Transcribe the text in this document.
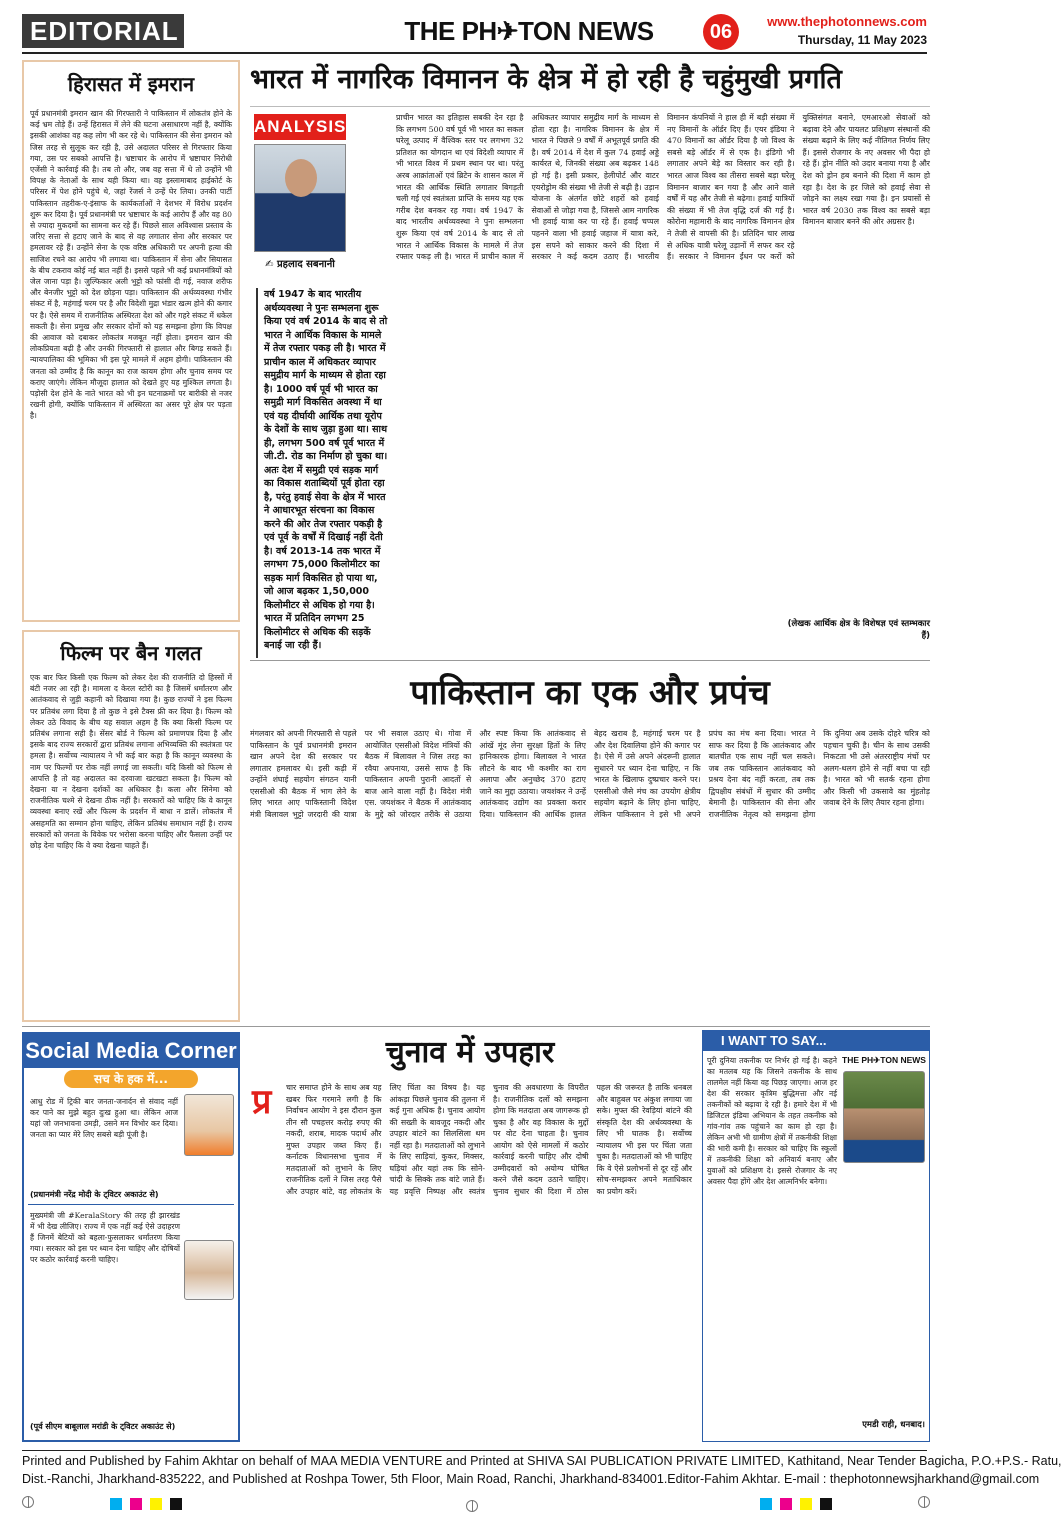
EDITORIAL	THE PH✈TON NEWS	06	www.thephotonnews.com
Thursday, 11 May 2023
हिरासत में इमरान
पूर्व प्रधानमंत्री इमरान खान की गिरफ्तारी ने पाकिस्तान में लोकतंत्र होने के कई भ्रम तोड़े हैं। उन्हें हिरासत में लेने की घटना असाधारण नहीं है, क्योंकि इसकी आशंका वह कह लोग भी कर रहे थे। पाकिस्तान की सेना इमरान को जिस तरह से सुलूक कर रही है, उसे अदालत परिसर से गिरफ्तार किया गया, उस पर सबको आपत्ति है। भ्रष्टाचार के आरोप में भ्रष्टाचार निरोधी एजेंसी ने कार्रवाई की है। तब तो और, जब वह सत्ता में थे तो उन्होंने भी विपक्ष के नेताओं के साथ यही किया था। वह इस्लामाबाद हाईकोर्ट के परिसर में पेश होने पहुंचे थे, जहां रेंजर्स ने उन्हें घेर लिया। उनकी पार्टी पाकिस्तान तहरीक-ए-इंसाफ के कार्यकर्ताओं ने देशभर में विरोध प्रदर्शन शुरू कर दिया है। पूर्व प्रधानमंत्री पर भ्रष्टाचार के कई आरोप हैं और वह 80 से ज्यादा मुकदमों का सामना कर रहे हैं। पिछले साल अविश्वास प्रस्ताव के जरिए सत्ता से हटाए जाने के बाद से वह लगातार सेना और सरकार पर हमलावर रहे हैं। उन्होंने सेना के एक वरिष्ठ अधिकारी पर अपनी हत्या की साजिश रचने का आरोप भी लगाया था। पाकिस्तान में सेना और सियासत के बीच टकराव कोई नई बात नहीं है। इससे पहले भी कई प्रधानमंत्रियों को जेल जाना पड़ा है। जुल्फिकार अली भुट्टो को फांसी दी गई, नवाज शरीफ और बेनजीर भुट्टो को देश छोड़ना पड़ा। पाकिस्तान की अर्थव्यवस्था गंभीर संकट में है, महंगाई चरम पर है और विदेशी मुद्रा भंडार खत्म होने की कगार पर है। ऐसे समय में राजनीतिक अस्थिरता देश को और गहरे संकट में धकेल सकती है। सेना प्रमुख और सरकार दोनों को यह समझना होगा कि विपक्ष की आवाज को दबाकर लोकतंत्र मजबूत नहीं होता। इमरान खान की लोकप्रियता बढ़ी है और उनकी गिरफ्तारी से हालात और बिगड़ सकते हैं। न्यायपालिका की भूमिका भी इस पूरे मामले में अहम होगी। पाकिस्तान की जनता को उम्मीद है कि कानून का राज कायम होगा और चुनाव समय पर कराए जाएंगे। लेकिन मौजूदा हालात को देखते हुए यह मुश्किल लगता है। पड़ोसी देश होने के नाते भारत को भी इन घटनाक्रमों पर बारीकी से नजर रखनी होगी, क्योंकि पाकिस्तान में अस्थिरता का असर पूरे क्षेत्र पर पड़ता है।
फिल्म पर बैन गलत
एक बार फिर किसी एक फिल्म को लेकर देश की राजनीति दो हिस्सों में बंटी नजर आ रही है। मामला द केरल स्टोरी का है जिसमें धर्मांतरण और आतंकवाद से जुड़ी कहानी को दिखाया गया है। कुछ राज्यों ने इस फिल्म पर प्रतिबंध लगा दिया है तो कुछ ने इसे टैक्स फ्री कर दिया है। फिल्म को लेकर उठे विवाद के बीच यह सवाल अहम है कि क्या किसी फिल्म पर प्रतिबंध लगाना सही है। सेंसर बोर्ड ने फिल्म को प्रमाणपत्र दिया है और इसके बाद राज्य सरकारों द्वारा प्रतिबंध लगाना अभिव्यक्ति की स्वतंत्रता पर हमला है। सर्वोच्च न्यायालय ने भी कई बार कहा है कि कानून व्यवस्था के नाम पर फिल्मों पर रोक नहीं लगाई जा सकती। यदि किसी को फिल्म से आपत्ति है तो वह अदालत का दरवाजा खटखटा सकता है। फिल्म को देखना या न देखना दर्शकों का अधिकार है। कला और सिनेमा को राजनीतिक चश्मे से देखना ठीक नहीं है। सरकारों को चाहिए कि वे कानून व्यवस्था बनाए रखें और फिल्म के प्रदर्शन में बाधा न डालें। लोकतंत्र में असहमति का सम्मान होना चाहिए, लेकिन प्रतिबंध समाधान नहीं है। राज्य सरकारों को जनता के विवेक पर भरोसा करना चाहिए और फैसला उन्हीं पर छोड़ देना चाहिए कि वे क्या देखना चाहते हैं।
भारत में नागरिक विमानन के क्षेत्र में हो रही है चहुंमुखी प्रगति
ANALYSIS
✍ प्रहलाद सबनानी
वर्ष 1947 के बाद भारतीय अर्थव्यवस्था ने पुनः सम्भलना शुरू किया एवं वर्ष 2014 के बाद से तो भारत ने आर्थिक विकास के मामले में तेज रफ्तार पकड़ ली है। भारत में प्राचीन काल में अधिकतर व्यापार समुद्रीय मार्ग के माध्यम से होता रहा है। 1000 वर्ष पूर्व भी भारत का समुद्री मार्ग विकसित अवस्था में था एवं यह दीर्घायी आर्थिक तथा यूरोप के देशों के साथ जुड़ा हुआ था। साथ ही, लगभग 500 वर्ष पूर्व भारत में जी.टी. रोड का निर्माण हो चुका था। अतः देश में समुद्री एवं सड़क मार्ग का विकास शताब्दियों पूर्व होता रहा है, परंतु हवाई सेवा के क्षेत्र में भारत ने आधारभूत संरचना का विकास करने की ओर तेज रफ्तार पकड़ी है एवं पूर्व के वर्षों में दिखाई नहीं देती है। वर्ष 2013-14 तक भारत में लगभग 75,000 किलोमीटर का सड़क मार्ग विकसित हो पाया था, जो आज बढ़कर 1,50,000 किलोमीटर से अधिक हो गया है। भारत में प्रतिदिन लगभग 25 किलोमीटर से अधिक की सड़कें बनाई जा रही हैं।
प्राचीन भारत का इतिहास सबकी देन रहा है कि लगभग 500 वर्ष पूर्व भी भारत का सकल घरेलू उत्पाद में वैश्विक स्तर पर लगभग 32 प्रतिशत का योगदान था एवं विदेशी व्यापार में भी भारत विश्व में प्रथम स्थान पर था। परंतु अरब आक्रांताओं एवं ब्रिटेन के शासन काल में भारत की आर्थिक स्थिति लगातार बिगड़ती चली गई एवं स्वतंत्रता प्राप्ति के समय यह एक गरीब देश बनकर रह गया। वर्ष 1947 के बाद भारतीय अर्थव्यवस्था ने पुनः सम्भलना शुरू किया एवं वर्ष 2014 के बाद से तो भारत ने आर्थिक विकास के मामले में तेज रफ्तार पकड़ ली है। भारत में प्राचीन काल में अधिकतर व्यापार समुद्रीय मार्ग के माध्यम से होता रहा है। नागरिक विमानन के क्षेत्र में भारत ने पिछले 9 वर्षों में अभूतपूर्व प्रगति की है। वर्ष 2014 में देश में कुल 74 हवाई अड्डे कार्यरत थे, जिनकी संख्या अब बढ़कर 148 हो गई है। इसी प्रकार, हेलीपोर्ट और वाटर एयरोड्रोम की संख्या भी तेजी से बढ़ी है। उड़ान योजना के अंतर्गत छोटे शहरों को हवाई सेवाओं से जोड़ा गया है, जिससे आम नागरिक भी हवाई यात्रा कर पा रहे हैं। हवाई चप्पल पहनने वाला भी हवाई जहाज में यात्रा करे, इस सपने को साकार करने की दिशा में सरकार ने कई कदम उठाए हैं। भारतीय विमानन कंपनियों ने हाल ही में बड़ी संख्या में नए विमानों के ऑर्डर दिए हैं। एयर इंडिया ने 470 विमानों का ऑर्डर दिया है जो विश्व के सबसे बड़े ऑर्डर में से एक है। इंडिगो भी लगातार अपने बेड़े का विस्तार कर रही है। भारत आज विश्व का तीसरा सबसे बड़ा घरेलू विमानन बाजार बन गया है और आने वाले वर्षों में यह और तेजी से बढ़ेगा। हवाई यात्रियों की संख्या में भी तेज वृद्धि दर्ज की गई है। कोरोना महामारी के बाद नागरिक विमानन क्षेत्र ने तेजी से वापसी की है। प्रतिदिन चार लाख से अधिक यात्री घरेलू उड़ानों में सफर कर रहे हैं। सरकार ने विमानन ईंधन पर करों को युक्तिसंगत बनाने, एमआरओ सेवाओं को बढ़ावा देने और पायलट प्रशिक्षण संस्थानों की संख्या बढ़ाने के लिए कई नीतिगत निर्णय लिए हैं। इससे रोजगार के नए अवसर भी पैदा हो रहे हैं। ड्रोन नीति को उदार बनाया गया है और देश को ड्रोन हब बनाने की दिशा में काम हो रहा है। देश के हर जिले को हवाई सेवा से जोड़ने का लक्ष्य रखा गया है। इन प्रयासों से भारत वर्ष 2030 तक विश्व का सबसे बड़ा विमानन बाजार बनने की ओर अग्रसर है।
(लेखक आर्थिक क्षेत्र के विशेषज्ञ एवं स्तम्भकार हैं)
पाकिस्तान का एक और प्रपंच
मंगलवार को अपनी गिरफ्तारी से पहले पाकिस्तान के पूर्व प्रधानमंत्री इमरान खान अपने देश की सरकार पर लगातार हमलावर थे। इसी कड़ी में उन्होंने शंघाई सहयोग संगठन यानी एससीओ की बैठक में भाग लेने के लिए भारत आए पाकिस्तानी विदेश मंत्री बिलावल भुट्टो जरदारी की यात्रा पर भी सवाल उठाए थे। गोवा में आयोजित एससीओ विदेश मंत्रियों की बैठक में बिलावल ने जिस तरह का रवैया अपनाया, उससे साफ है कि पाकिस्तान अपनी पुरानी आदतों से बाज आने वाला नहीं है। विदेश मंत्री एस. जयशंकर ने बैठक में आतंकवाद के मुद्दे को जोरदार तरीके से उठाया और स्पष्ट किया कि आतंकवाद से आंखें मूंद लेना सुरक्षा हितों के लिए हानिकारक होगा। बिलावल ने भारत लौटने के बाद भी कश्मीर का राग अलापा और अनुच्छेद 370 हटाए जाने का मुद्दा उठाया। जयशंकर ने उन्हें आतंकवाद उद्योग का प्रवक्ता करार दिया। पाकिस्तान की आर्थिक हालत बेहद खराब है, महंगाई चरम पर है और देश दिवालिया होने की कगार पर है। ऐसे में उसे अपने अंदरूनी हालात सुधारने पर ध्यान देना चाहिए, न कि भारत के खिलाफ दुष्प्रचार करने पर। एससीओ जैसे मंच का उपयोग क्षेत्रीय सहयोग बढ़ाने के लिए होना चाहिए, लेकिन पाकिस्तान ने इसे भी अपने प्रपंच का मंच बना दिया। भारत ने साफ कर दिया है कि आतंकवाद और बातचीत एक साथ नहीं चल सकते। जब तक पाकिस्तान आतंकवाद को प्रश्रय देना बंद नहीं करता, तब तक द्विपक्षीय संबंधों में सुधार की उम्मीद बेमानी है। पाकिस्तान की सेना और राजनीतिक नेतृत्व को समझना होगा कि दुनिया अब उसके दोहरे चरित्र को पहचान चुकी है। चीन के साथ उसकी निकटता भी उसे अंतरराष्ट्रीय मंचों पर अलग-थलग होने से नहीं बचा पा रही है। भारत को भी सतर्क रहना होगा और किसी भी उकसावे का मुंहतोड़ जवाब देने के लिए तैयार रहना होगा।
Social Media Corner
सच के हक में...
आधु रोड में ट्रिकी बार जनता-जनार्दन से संवाद नहीं कर पाने का मुझे बहुत दुःख हुआ था। लेकिन आज यहां जो जनभावना उमड़ी, उसने मन विभोर कर दिया। जनता का प्यार मेरे लिए सबसे बड़ी पूंजी है।
(प्रधानमंत्री नरेंद्र मोदी के ट्विटर अकाउंट से)
मुख्यमंत्री जी #KeralaStory की तरह ही झारखंड में भी देख लीजिए। राज्य में एक नहीं कई ऐसे उदाहरण हैं जिनमें बेटियों को बहला-फुसलाकर धर्मांतरण किया गया। सरकार को इस पर ध्यान देना चाहिए और दोषियों पर कठोर कार्रवाई करनी चाहिए।
(पूर्व सीएम बाबूलाल मरांडी के ट्विटर अकाउंट से)
चुनाव में उपहार
प्र	चार समाप्त होने के साथ अब यह खबर फिर गरमाने लगी है कि निर्वाचन आयोग ने इस दौरान कुल तीन सौ पचहत्तर करोड़ रुपए की नकदी, शराब, मादक पदार्थ और मुफ्त उपहार जब्त किए हैं। कर्नाटक विधानसभा चुनाव में मतदाताओं को लुभाने के लिए राजनीतिक दलों ने जिस तरह पैसे और उपहार बांटे, वह लोकतंत्र के लिए चिंता का विषय है। यह आंकड़ा पिछले चुनाव की तुलना में कई गुना अधिक है। चुनाव आयोग की सख्ती के बावजूद नकदी और उपहार बांटने का सिलसिला थम नहीं रहा है। मतदाताओं को लुभाने के लिए साड़ियां, कुकर, मिक्सर, घड़ियां और यहां तक कि सोने-चांदी के सिक्के तक बांटे जाते हैं। यह प्रवृत्ति निष्पक्ष और स्वतंत्र चुनाव की अवधारणा के विपरीत है। राजनीतिक दलों को समझना होगा कि मतदाता अब जागरूक हो चुका है और वह विकास के मुद्दों पर वोट देना चाहता है। चुनाव आयोग को ऐसे मामलों में कठोर कार्रवाई करनी चाहिए और दोषी उम्मीदवारों को अयोग्य घोषित करने जैसे कदम उठाने चाहिए। चुनाव सुधार की दिशा में ठोस पहल की जरूरत है ताकि धनबल और बाहुबल पर अंकुश लगाया जा सके। मुफ्त की रेवड़ियां बांटने की संस्कृति देश की अर्थव्यवस्था के लिए भी घातक है। सर्वोच्च न्यायालय भी इस पर चिंता जता चुका है। मतदाताओं को भी चाहिए कि वे ऐसे प्रलोभनों से दूर रहें और सोच-समझकर अपने मताधिकार का प्रयोग करें।
I WANT TO SAY...
पूरी दुनिया तकनीक पर निर्भर हो गई है। कहने का मतलब यह कि जिसने तकनीक के साथ तालमेल नहीं किया वह पिछड़ जाएगा। आज हर देश की सरकार कृत्रिम बुद्धिमत्ता और नई तकनीकों को बढ़ावा दे रही है। हमारे देश में भी डिजिटल इंडिया अभियान के तहत तकनीक को गांव-गांव तक पहुंचाने का काम हो रहा है। लेकिन अभी भी ग्रामीण क्षेत्रों में तकनीकी शिक्षा की भारी कमी है। सरकार को चाहिए कि स्कूलों में तकनीकी शिक्षा को अनिवार्य बनाए और युवाओं को प्रशिक्षण दे। इससे रोजगार के नए अवसर पैदा होंगे और देश आत्मनिर्भर बनेगा।
THE PH✈TON NEWS
एमडी राही, धनबाद।
Printed and Published by Fahim Akhtar on behalf of MAA MEDIA VENTURE and Printed at SHIVA SAI PUBLICATION PRIVATE LIMITED, Kathitand, Near Tender Bagicha, P.O.+P.S.- Ratu,
Dist.-Ranchi, Jharkhand-835222, and Published at Roshpa Tower, 5th Floor, Main Road, Ranchi, Jharkhand-834001.Editor-Fahim Akhtar. E-mail : thephotonnewsjharkhand@gmail.com
